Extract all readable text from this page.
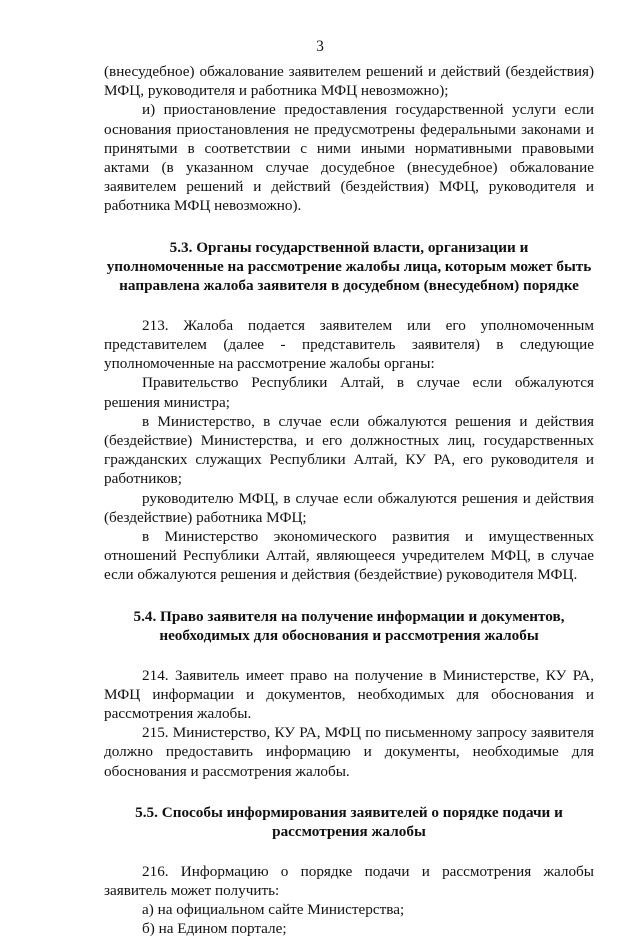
3

(внесудебное) обжалование заявителем решений и действий (бездействия)
МФЦ, руководителя и работника МФЦ невозможно);

и) приостановление предоставления государственной услуги если основания приостановления не предусмотрены федеральными законами и принятыми в соответствии с ними иными нормативными правовыми актами (в указанном случае досудебное (внесудебное) обжалование заявителем решений и действий (бездействия) МФЦ, руководителя и работника МФЦ невозможно).

5.3. Органы государственной власти, организации и
уполномоченные на рассмотрение жалобы лица, которым может быть
направлена жалоба заявителя в досудебном (внесудебном) порядке

213. Жалоба подается заявителем или его уполномоченным представителем (далее - представитель заявителя) в следующие уполномоченные на рассмотрение жалобы органы:

Правительство Республики Алтай, в случае если обжалуются решения министра;

в Министерство, в случае если обжалуются решения и действия (бездействие) Министерства, и его должностных лиц, государственных гражданских служащих Республики Алтай, КУ РА, его руководителя и работников;

руководителю МФЦ, в случае если обжалуются решения и действия (бездействие) работника МФЦ;

в Министерство экономического развития и имущественных отношений Республики Алтай, являющееся учредителем МФЦ, в случае если обжалуются решения и действия (бездействие) руководителя МФЦ.

5.4. Право заявителя на получение информации и документов,
необходимых для обоснования и рассмотрения жалобы

214. Заявитель имеет право на получение в Министерстве, КУ РА, МФЦ информации и документов, необходимых для обоснования и рассмотрения жалобы.

215. Министерство, КУ РА, МФЦ по письменному запросу заявителя должно предоставить информацию и документы, необходимые для обоснования и рассмотрения жалобы.

5.5. Способы информирования заявителей о порядке подачи и
рассмотрения жалобы

216. Информацию о порядке подачи и рассмотрения жалобы заявитель может получить:

а) на официальном сайте Министерства;

б) на Едином портале;
